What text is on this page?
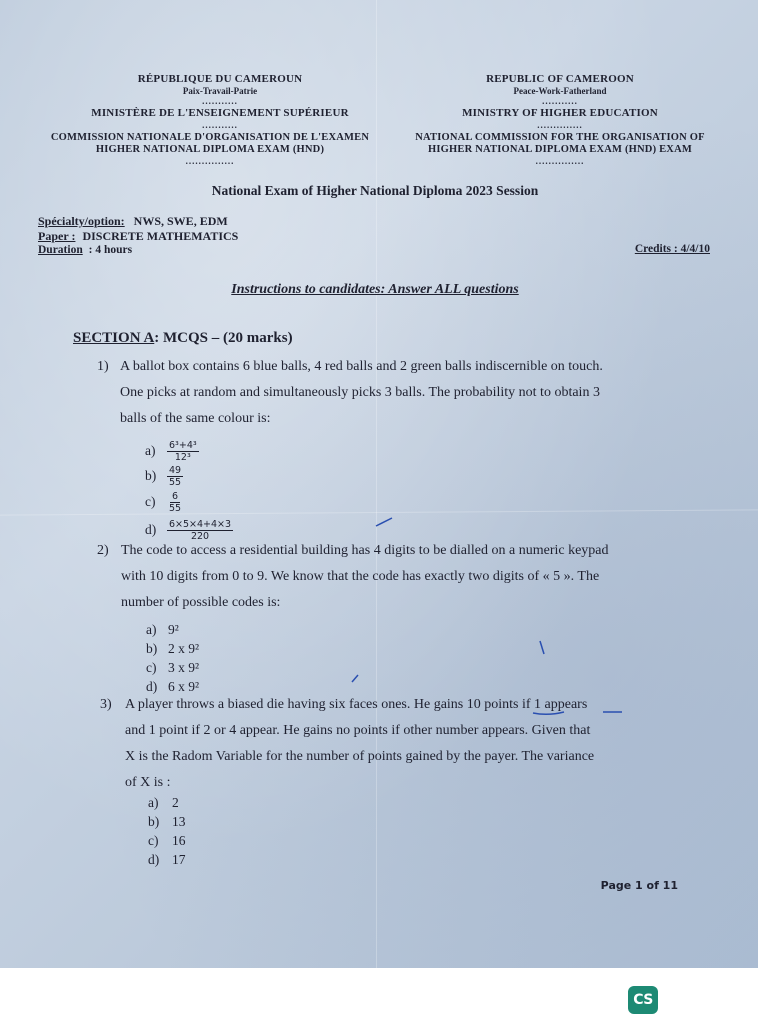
RÉPUBLIQUE DU CAMEROUN
Paix-Travail-Patrie
...........
MINISTÈRE DE L'ENSEIGNEMENT SUPÉRIEUR
...........
COMMISSION NATIONALE D'ORGANISATION DE L'EXAMEN
HIGHER NATIONAL DIPLOMA EXAM (HND)
...............
REPUBLIC OF CAMEROON
Peace-Work-Fatherland
...........
MINISTRY OF HIGHER EDUCATION
..............
NATIONAL COMMISSION FOR THE ORGANISATION OF
HIGHER NATIONAL DIPLOMA EXAM (HND) EXAM
...............
National Exam of Higher National Diploma 2023 Session
Spécialty/option: NWS, SWE, EDM
Paper : DISCRETE MATHEMATICS
Duration : 4 hours	Credits : 4/4/10
Instructions to candidates: Answer ALL questions
SECTION A: MCQS – (20 marks)
1) A ballot box contains 6 blue balls, 4 red balls and 2 green balls indiscernible on touch.
One picks at random and simultaneously picks 3 balls. The probability not to obtain 3
balls of the same colour is:
a)	$\frac{\text{6³+4³}}{\text{12³}}$
b)	$\frac{49}{55}$
c)	$\frac{6}{55}$
d)	$\frac{6\times 5\times 4+4\times 3}{220}$
2) The code to access a residential building has 4 digits to be dialled on a numeric keypad
with 10 digits from 0 to 9. We know that the code has exactly two digits of « 5 ». The
number of possible codes is:
a) 9²
b) 2 x 9²
c) 3 x 9²
d) 6 x 9²
3) A player throws a biased die having six faces ones. He gains 10 points if 1 appears
and 1 point if 2 or 4 appear. He gains no points if other number appears. Given that
X is the Radom Variable for the number of points gained by the payer. The variance
of X is :
a) 2
b) 13
c) 16
d) 17
Page 1 of 11
CS
